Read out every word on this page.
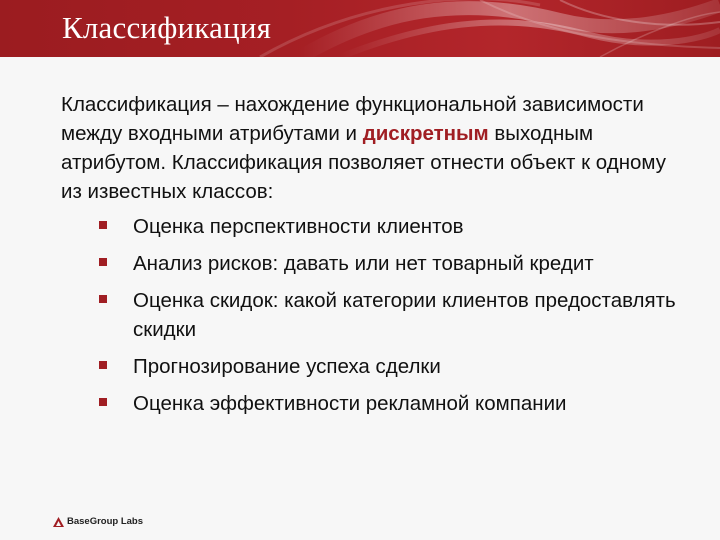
Классификация

Классификация – нахождение функциональной зависимости между входными атрибутами и дискретным выходным атрибутом. Классификация позволяет отнести объект к одному из известных классов:

Оценка перспективности клиентов
Анализ рисков: давать или нет товарный кредит
Оценка скидок: какой категории клиентов предоставлять скидки
Прогнозирование успеха сделки
Оценка эффективности рекламной компании
BaseGroup Labs
